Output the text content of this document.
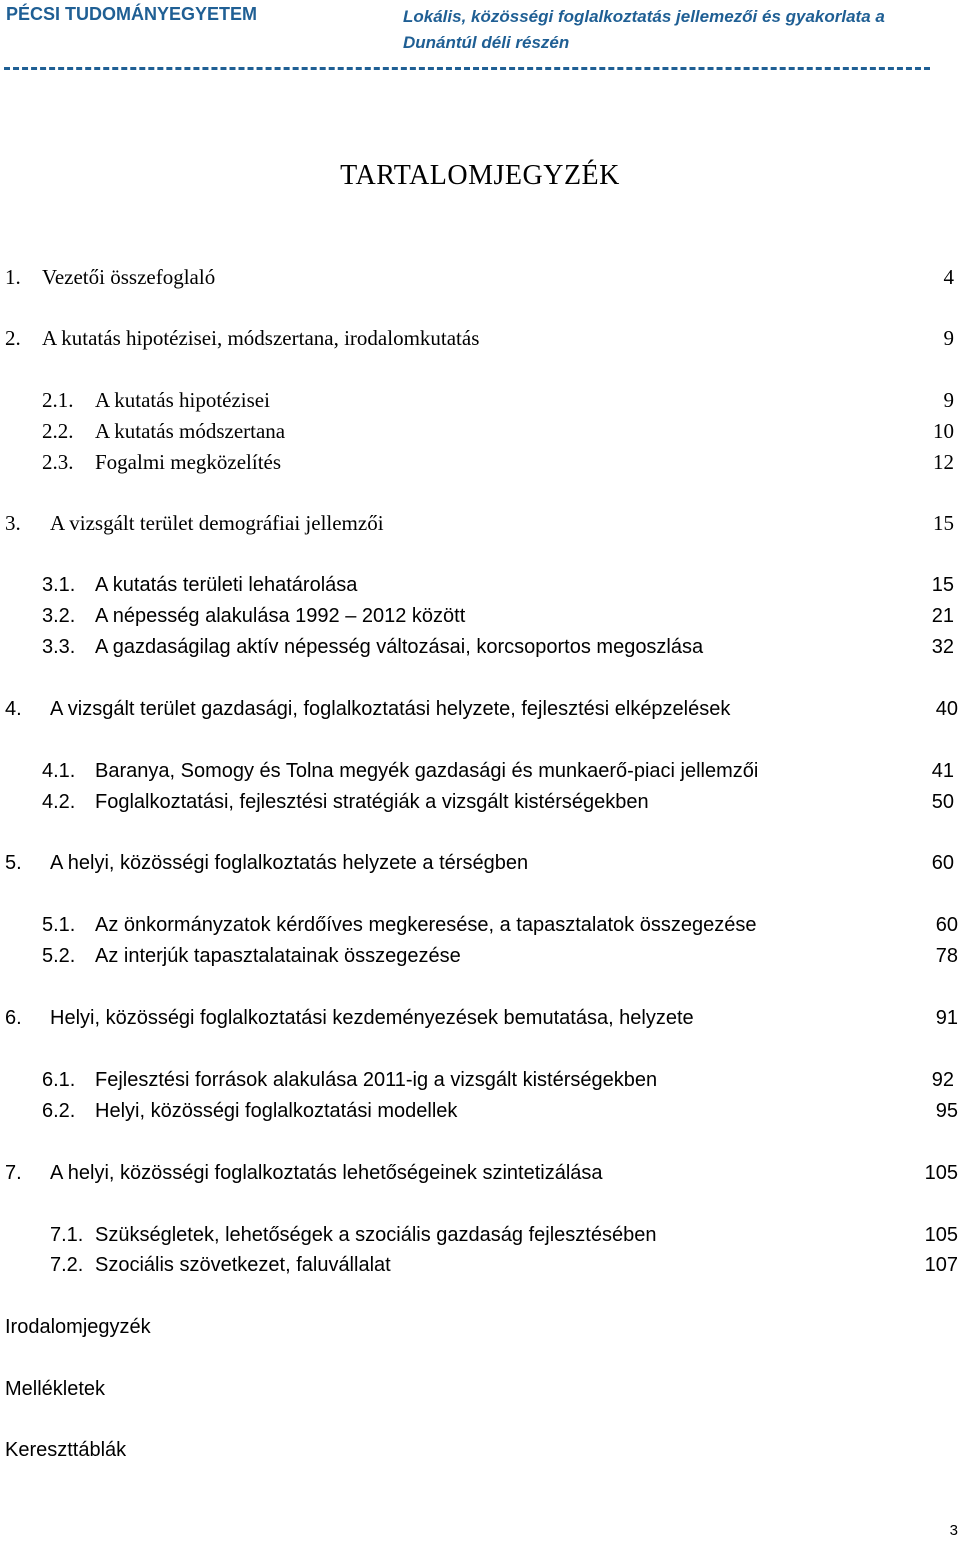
PÉCSI TUDOMÁNYEGYETEM	Lokális, közösségi foglalkoztatás jellemezői és gyakorlata a
Dunántúl déli részén
TARTALOMJEGYZÉK
1. Vezetői összefoglaló	4
2. A kutatás hipotézisei, módszertana, irodalomkutatás	9
2.1. A kutatás hipotézisei	9
2.2. A kutatás módszertana	10
2.3. Fogalmi megközelítés	12
3. A vizsgált terület demográfiai jellemzői	15
3.1. A kutatás területi lehatárolása	15
3.2. A népesség alakulása 1992 – 2012 között	21
3.3. A gazdaságilag aktív népesség változásai, korcsoportos megoszlása	32
4. A vizsgált terület gazdasági, foglalkoztatási helyzete, fejlesztési elképzelések	40
4.1. Baranya, Somogy és Tolna megyék gazdasági és munkaerő-piaci jellemzői	41
4.2. Foglalkoztatási, fejlesztési stratégiák a vizsgált kistérségekben	50
5. A helyi, közösségi foglalkoztatás helyzete a térségben	60
5.1. Az önkormányzatok kérdőíves megkeresése, a tapasztalatok összegezése	60
5.2. Az interjúk tapasztalatainak összegezése	78
6. Helyi, közösségi foglalkoztatási kezdeményezések bemutatása, helyzete	91
6.1. Fejlesztési források alakulása 2011-ig a vizsgált kistérségekben	92
6.2. Helyi, közösségi foglalkoztatási modellek	95
7. A helyi, közösségi foglalkoztatás lehetőségeinek szintetizálása	105
7.1. Szükségletek, lehetőségek a szociális gazdaság fejlesztésében	105
7.2. Szociális szövetkezet, faluvállalat	107
Irodalomjegyzék
Mellékletek
Kereszttáblák
3
